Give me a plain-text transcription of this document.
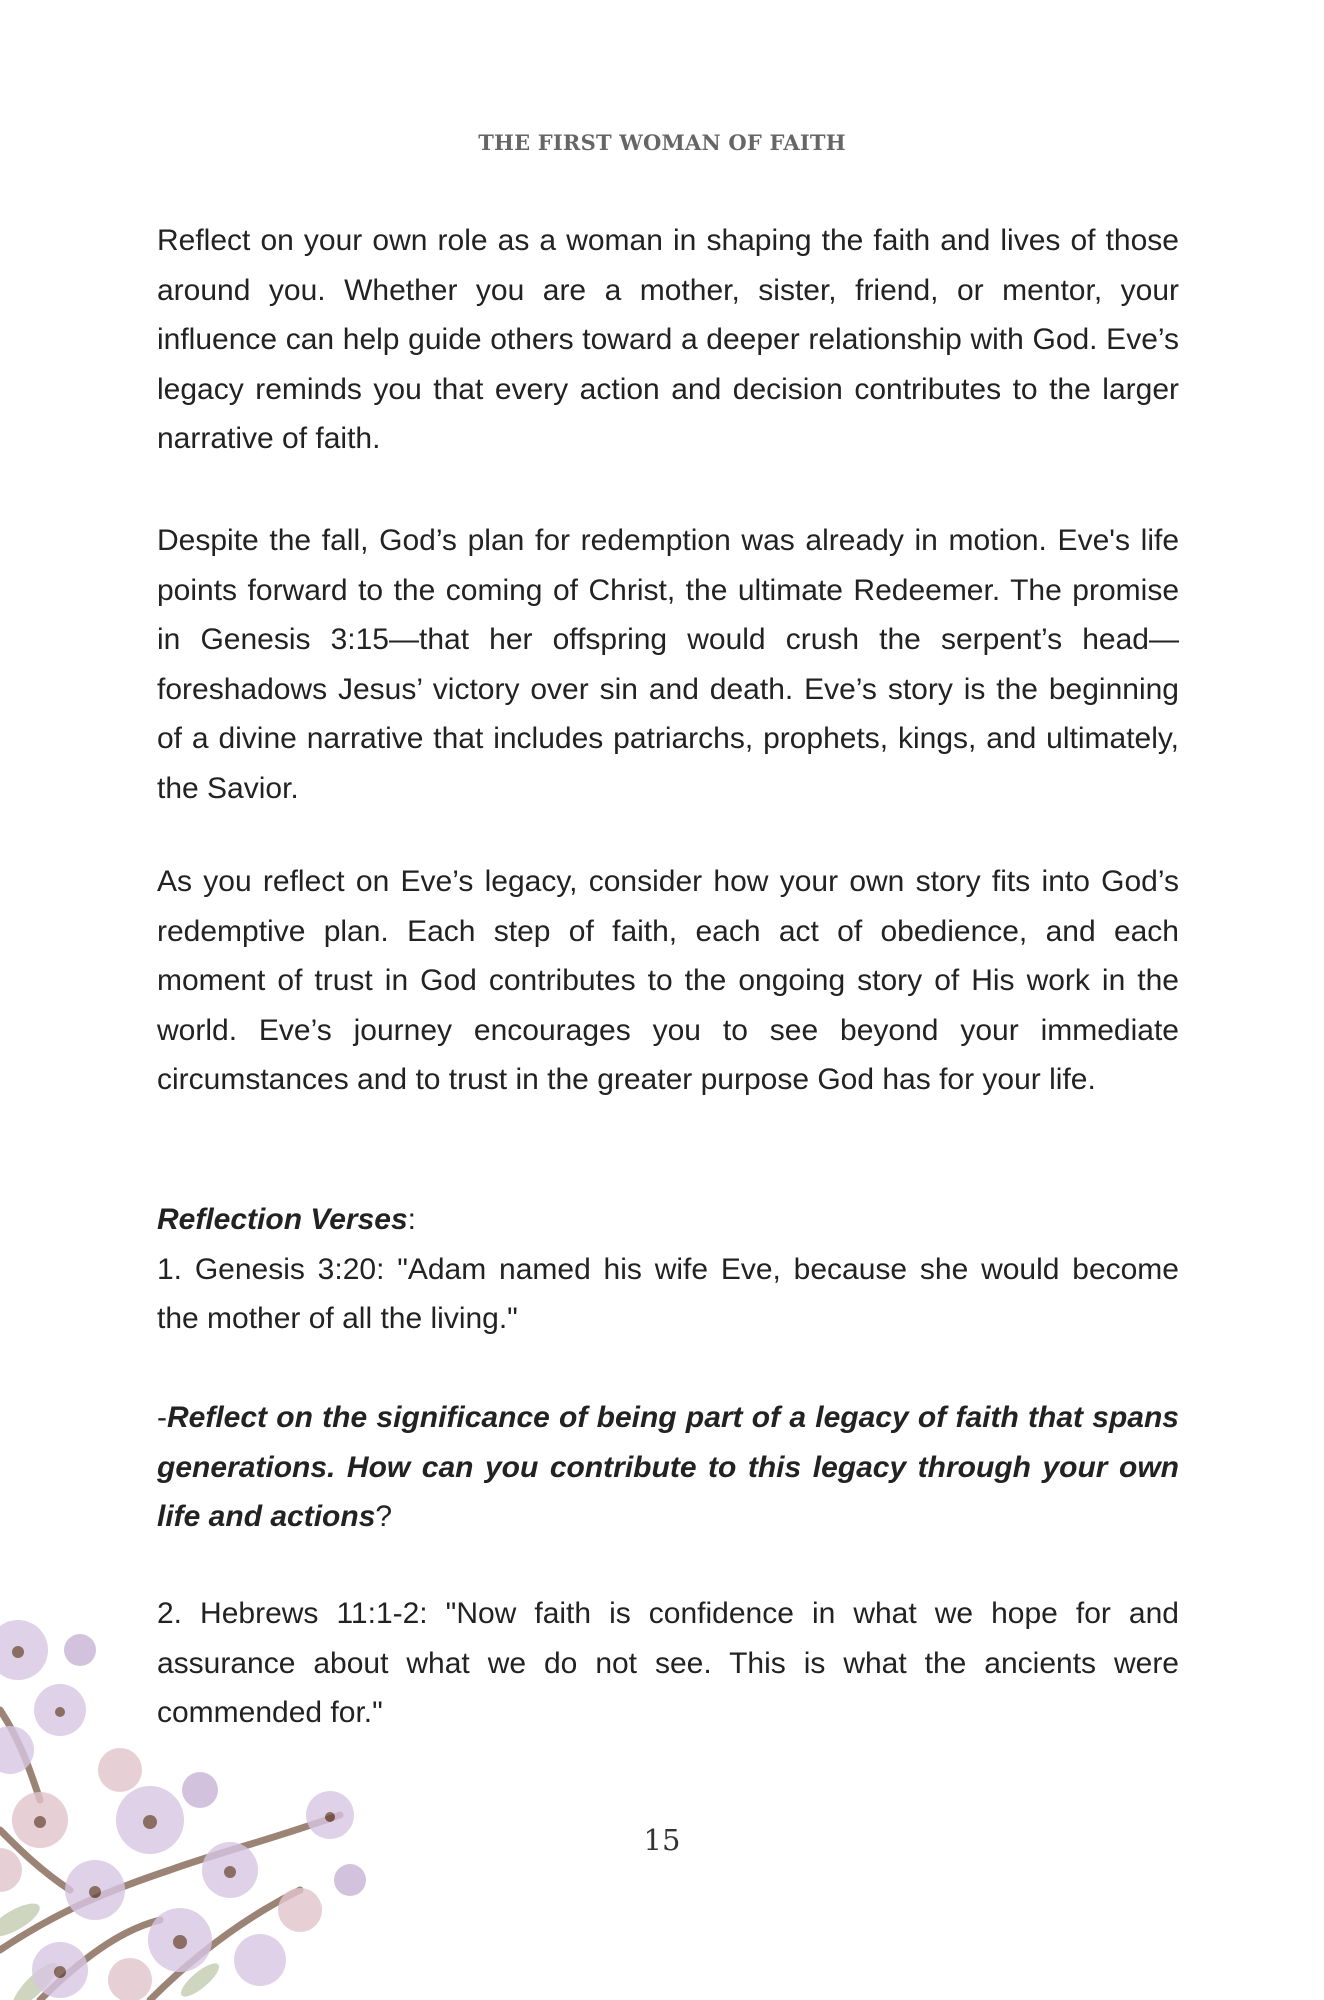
THE FIRST WOMAN OF FAITH

Reflect on your own role as a woman in shaping the faith and lives of those around you. Whether you are a mother, sister, friend, or mentor, your influence can help guide others toward a deeper relationship with God. Eve’s legacy reminds you that every action and decision contributes to the larger narrative of faith.

Despite the fall, God’s plan for redemption was already in motion. Eve's life points forward to the coming of Christ, the ultimate Redeemer. The promise in Genesis 3:15—that her offspring would crush the serpent’s head—foreshadows Jesus’ victory over sin and death. Eve’s story is the beginning of a divine narrative that includes patriarchs, prophets, kings, and ultimately, the Savior.

As you reflect on Eve’s legacy, consider how your own story fits into God’s redemptive plan. Each step of faith, each act of obedience, and each moment of trust in God contributes to the ongoing story of His work in the world. Eve’s journey encourages you to see beyond your immediate circumstances and to trust in the greater purpose God has for your life.

Reflection Verses:

1. Genesis 3:20: "Adam named his wife Eve, because she would become the mother of all the living."

-Reflect on the significance of being part of a legacy of faith that spans generations. How can you contribute to this legacy through your own life and actions?

2. Hebrews 11:1-2: "Now faith is confidence in what we hope for and assurance about what we do not see. This is what the ancients were commended for."

15
